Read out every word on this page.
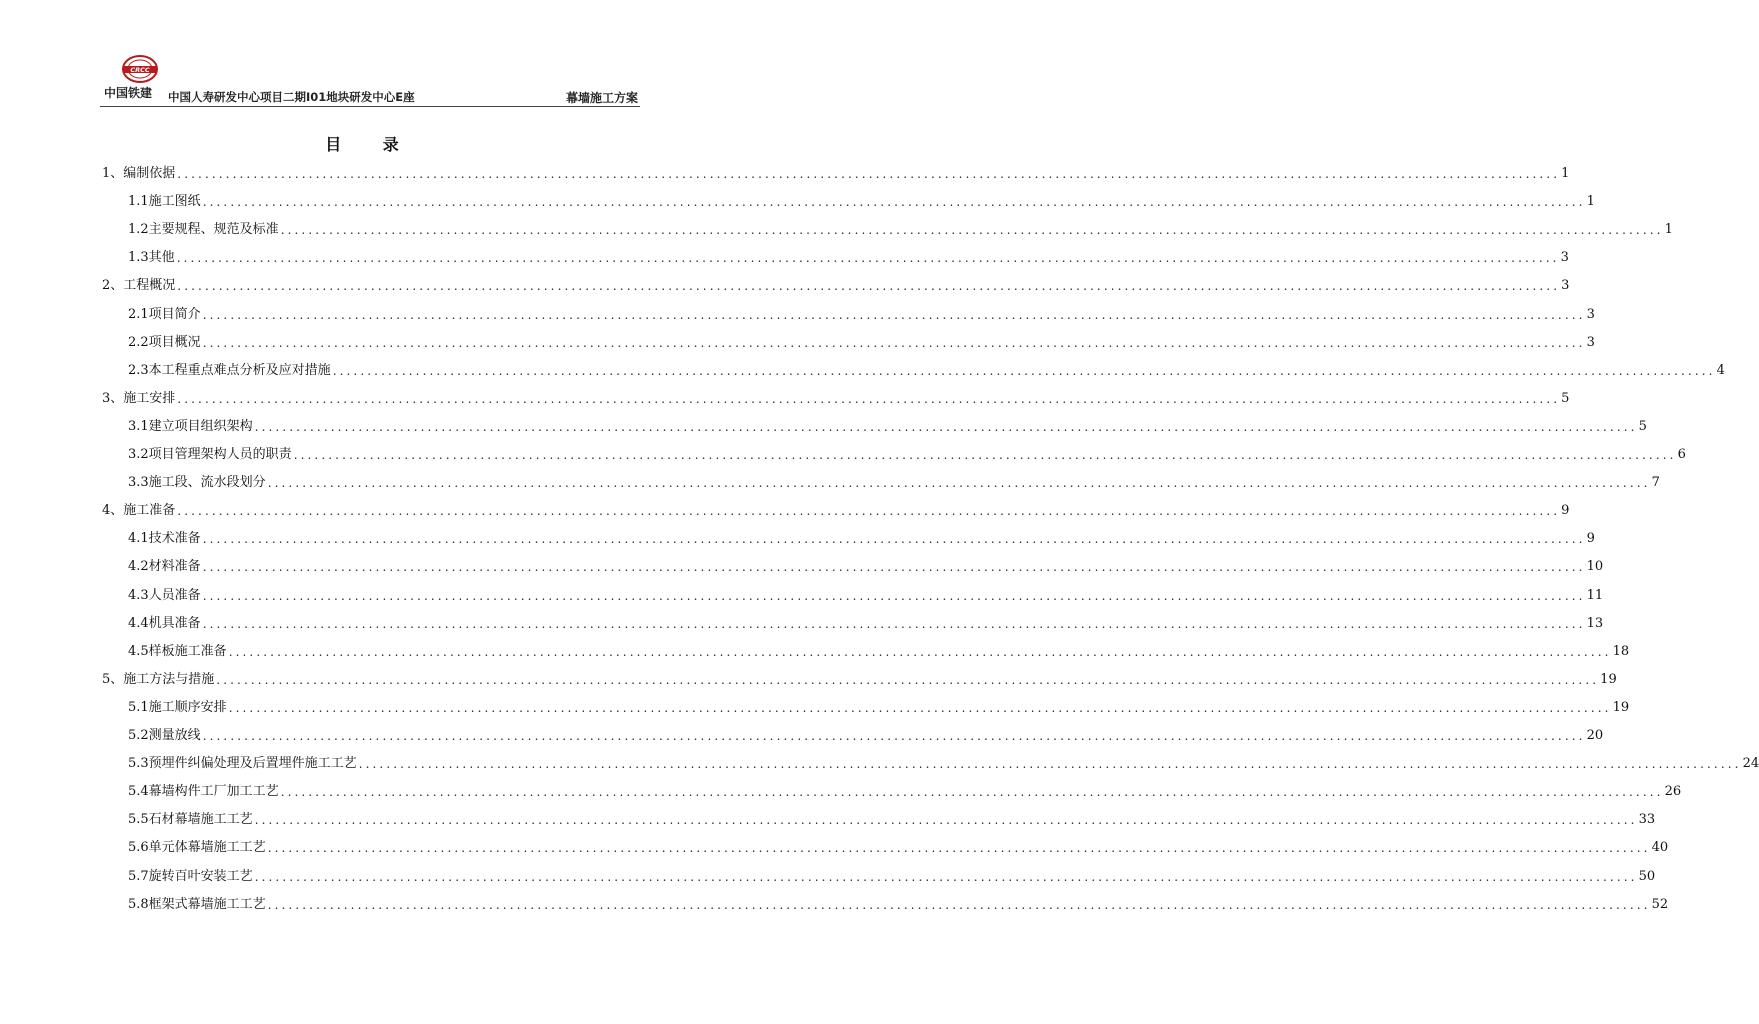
CRCC
中国铁建 中国人寿研发中心项目二期I01地块研发中心E座	幕墙施工方案
目 录
1、编制依据 ........................................................................................................................................................................................................ 1
1.1施工图纸 ........................................................................................................................................................................................................ 1
1.2主要规程、规范及标准 ........................................................................................................................................................................................................ 1
1.3其他 ........................................................................................................................................................................................................ 3
2、工程概况 ........................................................................................................................................................................................................ 3
2.1项目简介 ........................................................................................................................................................................................................ 3
2.2项目概况 ........................................................................................................................................................................................................ 3
2.3本工程重点难点分析及应对措施 ........................................................................................................................................................................................................ 4
3、施工安排 ........................................................................................................................................................................................................ 5
3.1建立项目组织架构 ........................................................................................................................................................................................................ 5
3.2项目管理架构人员的职责 ........................................................................................................................................................................................................ 6
3.3施工段、流水段划分 ........................................................................................................................................................................................................ 7
4、施工准备 ........................................................................................................................................................................................................ 9
4.1技术准备 ........................................................................................................................................................................................................ 9
4.2材料准备 ........................................................................................................................................................................................................ 10
4.3人员准备 ........................................................................................................................................................................................................ 11
4.4机具准备 ........................................................................................................................................................................................................ 13
4.5样板施工准备 ........................................................................................................................................................................................................ 18
5、施工方法与措施 ........................................................................................................................................................................................................ 19
5.1施工顺序安排 ........................................................................................................................................................................................................ 19
5.2测量放线 ........................................................................................................................................................................................................ 20
5.3预埋件纠偏处理及后置埋件施工工艺 ........................................................................................................................................................................................................ 24
5.4幕墙构件工厂加工工艺 ........................................................................................................................................................................................................ 26
5.5石材幕墙施工工艺 ........................................................................................................................................................................................................ 33
5.6单元体幕墙施工工艺 ........................................................................................................................................................................................................ 40
5.7旋转百叶安装工艺 ........................................................................................................................................................................................................ 50
5.8框架式幕墙施工工艺 ........................................................................................................................................................................................................ 52
